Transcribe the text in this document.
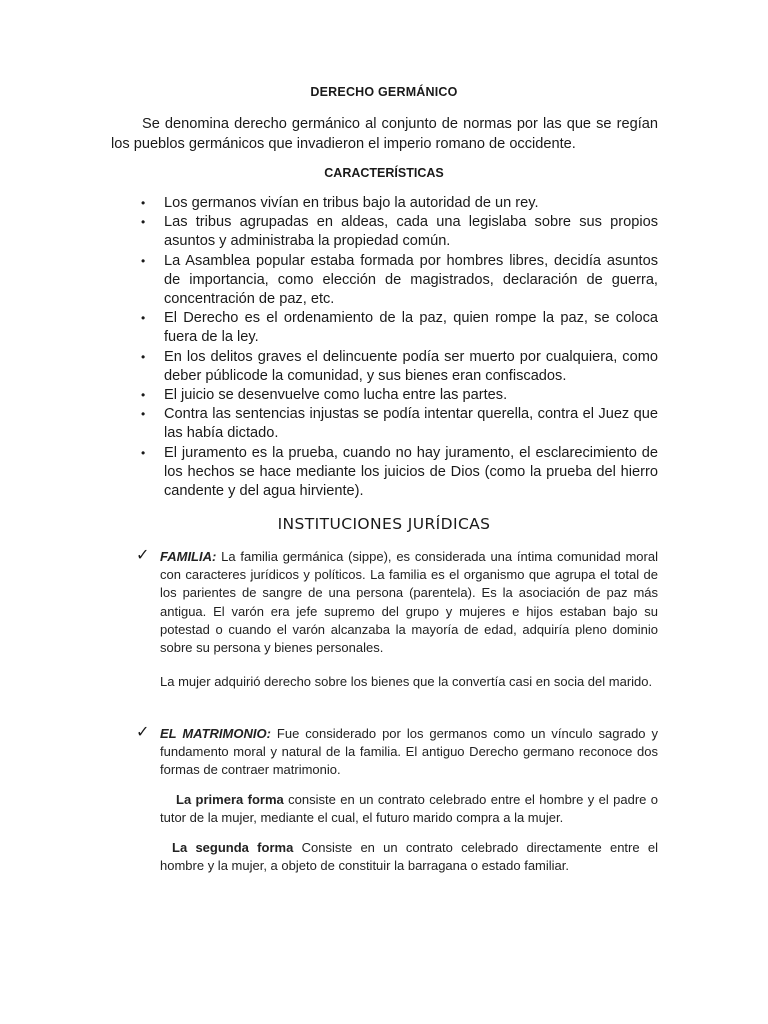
DERECHO GERMÁNICO
Se denomina derecho germánico al conjunto de normas por las que se regían los pueblos germánicos que invadieron el imperio romano de occidente.
CARACTERÍSTICAS
• Los germanos vivían en tribus bajo la autoridad de un rey.
• Las tribus agrupadas en aldeas, cada una legislaba sobre sus propios asuntos y administraba la propiedad común.
• La Asamblea popular estaba formada por hombres libres, decidía asuntos de importancia, como elección de magistrados, declaración de guerra, concentración de paz, etc.
• El Derecho es el ordenamiento de la paz, quien rompe la paz, se coloca fuera de la ley.
• En los delitos graves el delincuente podía ser muerto por cualquiera, como deber públicode la comunidad, y sus bienes eran confiscados.
• El juicio se desenvuelve como lucha entre las partes.
• Contra las sentencias injustas se podía intentar querella, contra el Juez que las había dictado.
• El juramento es la prueba, cuando no hay juramento, el esclarecimiento de los hechos se hace mediante los juicios de Dios (como la prueba del hierro candente y del agua hirviente).
INSTITUCIONES JURÍDICAS
✓ FAMILIA: La familia germánica (sippe), es considerada una íntima comunidad moral con caracteres jurídicos y políticos. La familia es el organismo que agrupa el total de los parientes de sangre de una persona (parentela). Es la asociación de paz más antigua. El varón era jefe supremo del grupo y mujeres e hijos estaban bajo su potestad o cuando el varón alcanzaba la mayoría de edad, adquiría pleno dominio sobre su persona y bienes personales.
La mujer adquirió derecho sobre los bienes que la convertía casi en socia del marido.
✓ EL MATRIMONIO: Fue considerado por los germanos como un vínculo sagrado y fundamento moral y natural de la familia. El antiguo Derecho germano reconoce dos formas de contraer matrimonio.
La primera forma consiste en un contrato celebrado entre el hombre y el padre o tutor de la mujer, mediante el cual, el futuro marido compra a la mujer.
La segunda forma Consiste en un contrato celebrado directamente entre el hombre y la mujer, a objeto de constituir la barragana o estado familiar.
